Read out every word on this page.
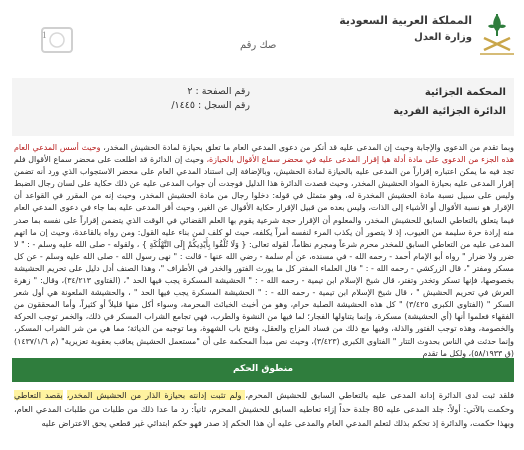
المملكة العربية السعودية
وزارة العدل
صك رقم
1
المحكمة الجزائية
الدائرة الجزائية الفردية
رقم الصفحة : ٢
رقم السجل : ١٤٤٥/

وبما تقدم من الدعوى والإجابة وحيث إن المدعى عليه قد أنكر من دعوى المدعي العام ما تعلق بحيازة لمادة الحشيش المخدر، وحيث أسس المدعي العام هذه الجزء من الدعوى على مادة أدلة هيا إقرار المدعى عليه في محضر سماع الأقوال بالحيازة، وحيث إن الدائرة قد اطلعت على محضر سماع الأقوال فلم تجد فيه ما يمكن اعتباره إقراراً من المدعى عليه بالحيازة لمادة الحشيش، وبالإضافة إلى استناد المدعي العام على محضر الاستجواب الذي ورد أنه تضمن إقرار المدعى عليه بحيازة المواد الحشيش المخدر، وحيث قصدت الدائرة هذا الدليل فوجدت أن جواب المدعى عليه عن ذلك حكاية على لسان رجال الضبط وليس على سبيل نسبة مادة الحشيش المخدرة له، وهو متمثل في قوله: دخلوا رجال من مادة الحشيش المخدر، وحيث إنه من المقرر في القواعد أن الإقرار هو نسبة الأقوال أو الأشياء إلى الذات، وليس بعده من قبيل الإقرار حكاية الأقوال عن الغير، وحيث أقر المدعى عليه بما جاء في دعوى المدعي العام فيما يتعلق بالتعاطي السابق للحشيش المخدر، والمعلوم أن الإقرار حجة شرعية يقوم بها العلم القضائي في الوقت الذي يتضمن إقراراً على نفسه بما صدر منه إرادة حرة سليمة من العيوب، إذ لا يتصور أن يكذب المرء لنفسه أمراً يكلفه، حيث لو كلف لمن بناء عليه القول: ومن رواه بالقاعدة، وحيث إن ما اتهم المدعى عليه من التعاطي السابق للمخدر محرم شرعاً ومجرم نظاماً، لقوله تعالى: { وَلَا تُلْقُوا بِأَيْدِيكُمْ إِلَى التَّهْلُكَةِ } ، ولقوله - صلى الله عليه وسلم - : " لا ضرر ولا ضرار " رواه أبو الإمام أحمد - رحمه الله - في مسنده، عن أم سلمة - رضي الله عنها - قالت : " نهى رسول الله - صلى الله عليه وسلم - عن كل مسكر ومفتر "، قال الزركشي - رحمه الله - : " قال العلماء المفتر كل ما يورث الفتور والخدر في الأطراف "، وهذا الصنف أدل دليل على تحريم الحشيشة بخصوصها، فإنها تسكر وتخدر وتفتر، قال شيخ الإسلام ابن تيمية - رحمه الله - : " الحشيشة المسكرة يجب فيها الحد "، (الفتاوى ٣٤/٢١٣)، وقال: " زهرة العرش في تحريم الحشيش " ، قال شيخ الإسلام ابن تيمية - رحمه الله - : " الحشيشة المسكرة يجب فيها الحد " ، والحشيشة الملعونة هي أول شعر السكر " (الفتاوى الكبرى ٣/٤٢٥) " كل هذه الحشيشة الصلبة حرام، وهو من أخبث الخبائث المحرمة، وسواء أكل منها قليلاً أو كثيراً، وأما المحققون من الفقهاء فعلموا أنها (أي الحشيشة) مسكرة، وإنما يتناولها الفجار؛ لما فيها من النشوة والطرب، فهي تجامع الشراب المسكر في ذلك، والخمر توجب الحركة والخصومة، وهذه توجب الفتور والذلة، وفيها مع ذلك من فساد المزاج والعقل، وفتح باب الشهوة، وما توجبه من الدياثة؛ مما هي من شر الشراب المسكر، وإنما حدثت في الناس بحدوث التتار " الفتاوى الكبرى (٣/٤٢٣)، وحيث نص مبدأ المحكمة على أن "مستعمل الحشيش يعاقب بعقوبة تعزيرية" (م ١٤٣٧/١/٦) (ق ٥٨/١٩٣٣)، ولكل ما تقدم

منطوق الحكم

فلقد ثبت لدى الدائرة إدانة المدعى عليه بالتعاطي السابق للحشيش المحرم، ولم تثبت إدانته بحيازة الذار من الحشيش المخدر، بقصد التعاطي وحكمت بالآتي: أولاً: جلد المدعى عليه 80 جلدة حداً إزاء تعاطيه السابق للحشيش المحرم، ثانياً: رد ما عدا ذلك من طلبات من طلبات المدعي العام، وبهذا حكمت، والدائرة إذ تحكم بذلك لتعلم المدعي العام والمدعى عليه أن هذا الحكم إذ صدر فهو حكم ابتدائي غير قطعي يحق الاعتراض عليه
